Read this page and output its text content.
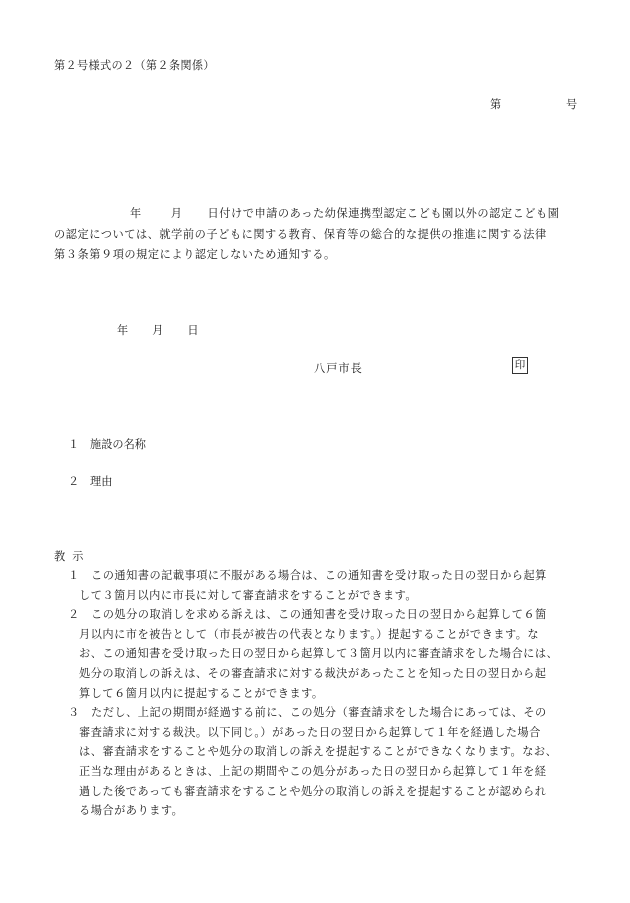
第２号様式の２（第２条関係）
第	号
年	月 日付けで申請のあった幼保連携型認定こども園以外の認定こども園
の認定については、就学前の子どもに関する教育、保育等の総合的な提供の推進に関する法律
第３条第９項の規定により認定しないため通知する。
年 月 日
八戸市長	印
１ 施設の名称
２ 理由
教示
１ この通知書の記載事項に不服がある場合は、この通知書を受け取った日の翌日から起算
して３箇月以内に市長に対して審査請求をすることができます。
２ この処分の取消しを求める訴えは、この通知書を受け取った日の翌日から起算して６箇
月以内に市を被告として（市長が被告の代表となります。）提起することができます。な
お、この通知書を受け取った日の翌日から起算して３箇月以内に審査請求をした場合には、
処分の取消しの訴えは、その審査請求に対する裁決があったことを知った日の翌日から起
算して６箇月以内に提起することができます。
３ ただし、上記の期間が経過する前に、この処分（審査請求をした場合にあっては、その
審査請求に対する裁決。以下同じ。）があった日の翌日から起算して１年を経過した場合
は、審査請求をすることや処分の取消しの訴えを提起することができなくなります。なお、
正当な理由があるときは、上記の期間やこの処分があった日の翌日から起算して１年を経
過した後であっても審査請求をすることや処分の取消しの訴えを提起することが認められ
る場合があります。
